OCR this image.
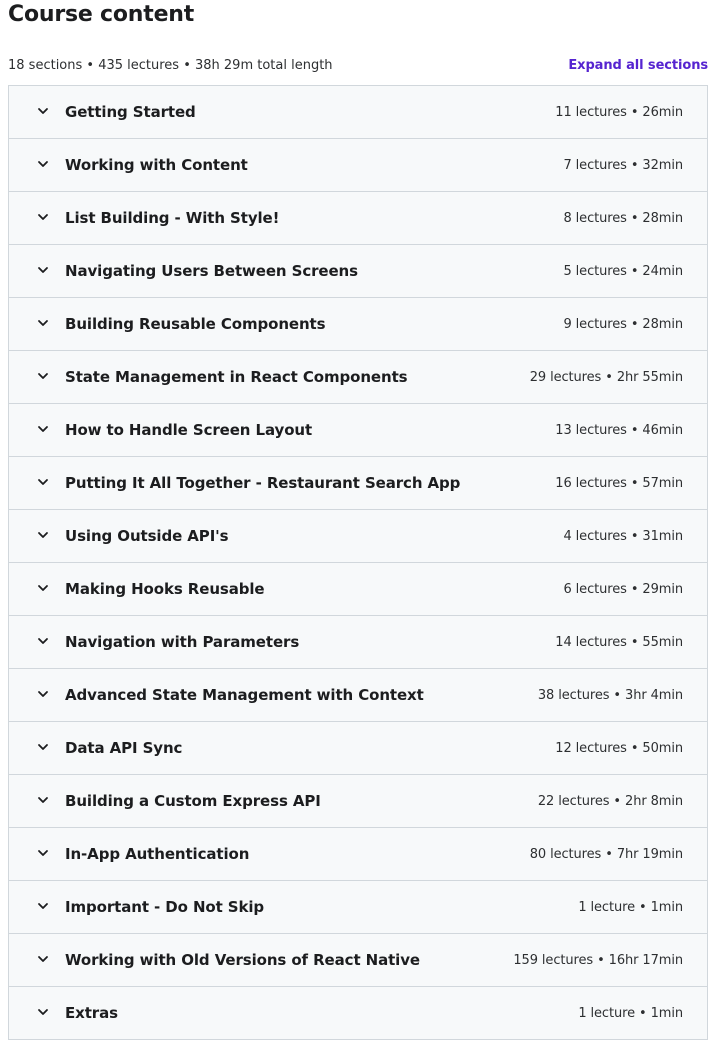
Course content
18 sections • 435 lectures • 38h 29m total length	Expand all sections
Getting Started	11 lectures • 26min
Working with Content	7 lectures • 32min
List Building - With Style!	8 lectures • 28min
Navigating Users Between Screens	5 lectures • 24min
Building Reusable Components	9 lectures • 28min
State Management in React Components	29 lectures • 2hr 55min
How to Handle Screen Layout	13 lectures • 46min
Putting It All Together - Restaurant Search App	16 lectures • 57min
Using Outside API's	4 lectures • 31min
Making Hooks Reusable	6 lectures • 29min
Navigation with Parameters	14 lectures • 55min
Advanced State Management with Context	38 lectures • 3hr 4min
Data API Sync	12 lectures • 50min
Building a Custom Express API	22 lectures • 2hr 8min
In-App Authentication	80 lectures • 7hr 19min
Important - Do Not Skip	1 lecture • 1min
Working with Old Versions of React Native	159 lectures • 16hr 17min
Extras	1 lecture • 1min
